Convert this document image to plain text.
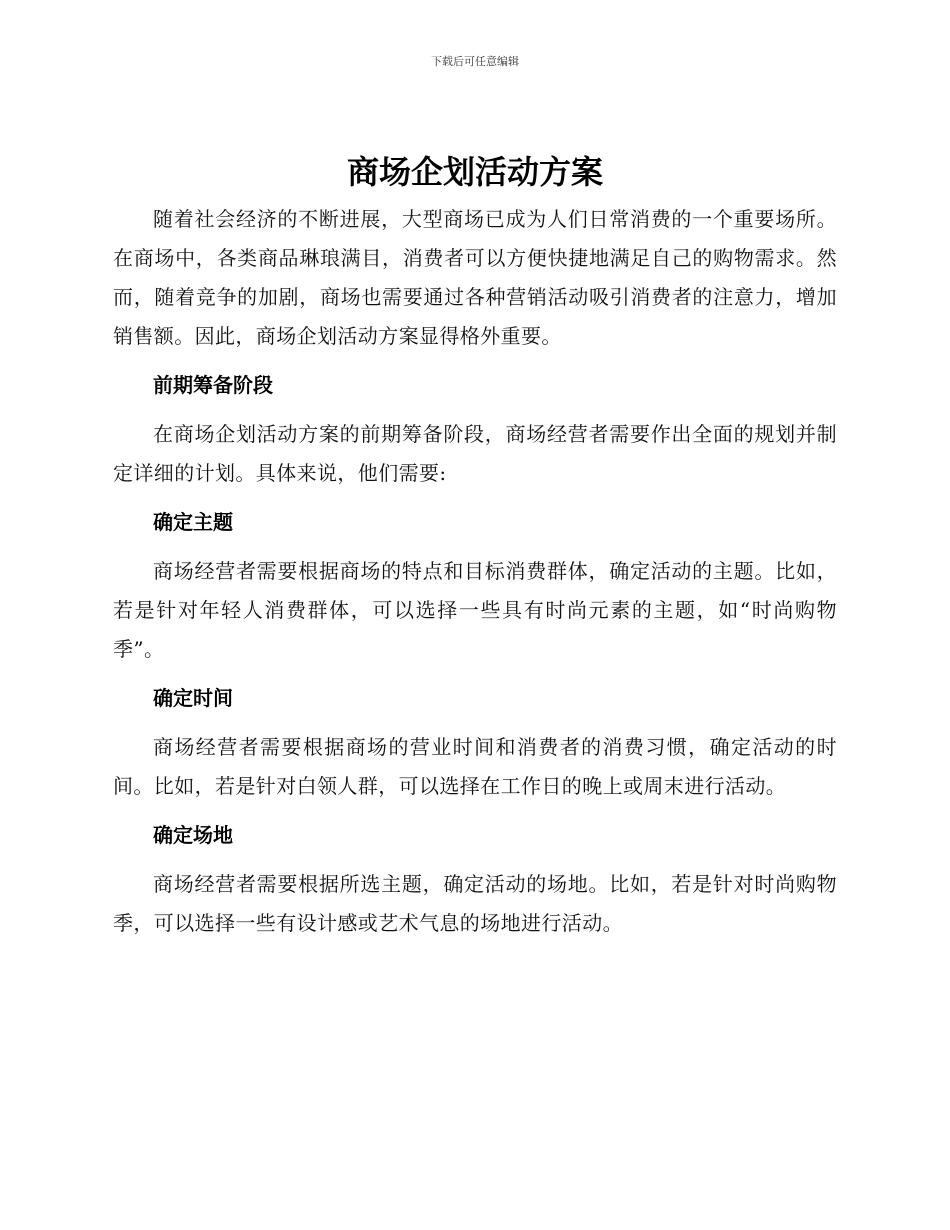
下载后可任意编辑
商场企划活动方案

随着社会经济的不断进展，大型商场已成为人们日常消费的一个重要场所。在商场中，各类商品琳琅满目，消费者可以方便快捷地满足自己的购物需求。然而，随着竞争的加剧，商场也需要通过各种营销活动吸引消费者的注意力，增加销售额。因此，商场企划活动方案显得格外重要。

前期筹备阶段

在商场企划活动方案的前期筹备阶段，商场经营者需要作出全面的规划并制定详细的计划。具体来说，他们需要:

确定主题

商场经营者需要根据商场的特点和目标消费群体，确定活动的主题。比如，若是针对年轻人消费群体，可以选择一些具有时尚元素的主题，如“时尚购物季”。

确定时间

商场经营者需要根据商场的营业时间和消费者的消费习惯，确定活动的时间。比如，若是针对白领人群，可以选择在工作日的晚上或周末进行活动。

确定场地

商场经营者需要根据所选主题，确定活动的场地。比如，若是针对时尚购物季，可以选择一些有设计感或艺术气息的场地进行活动。
